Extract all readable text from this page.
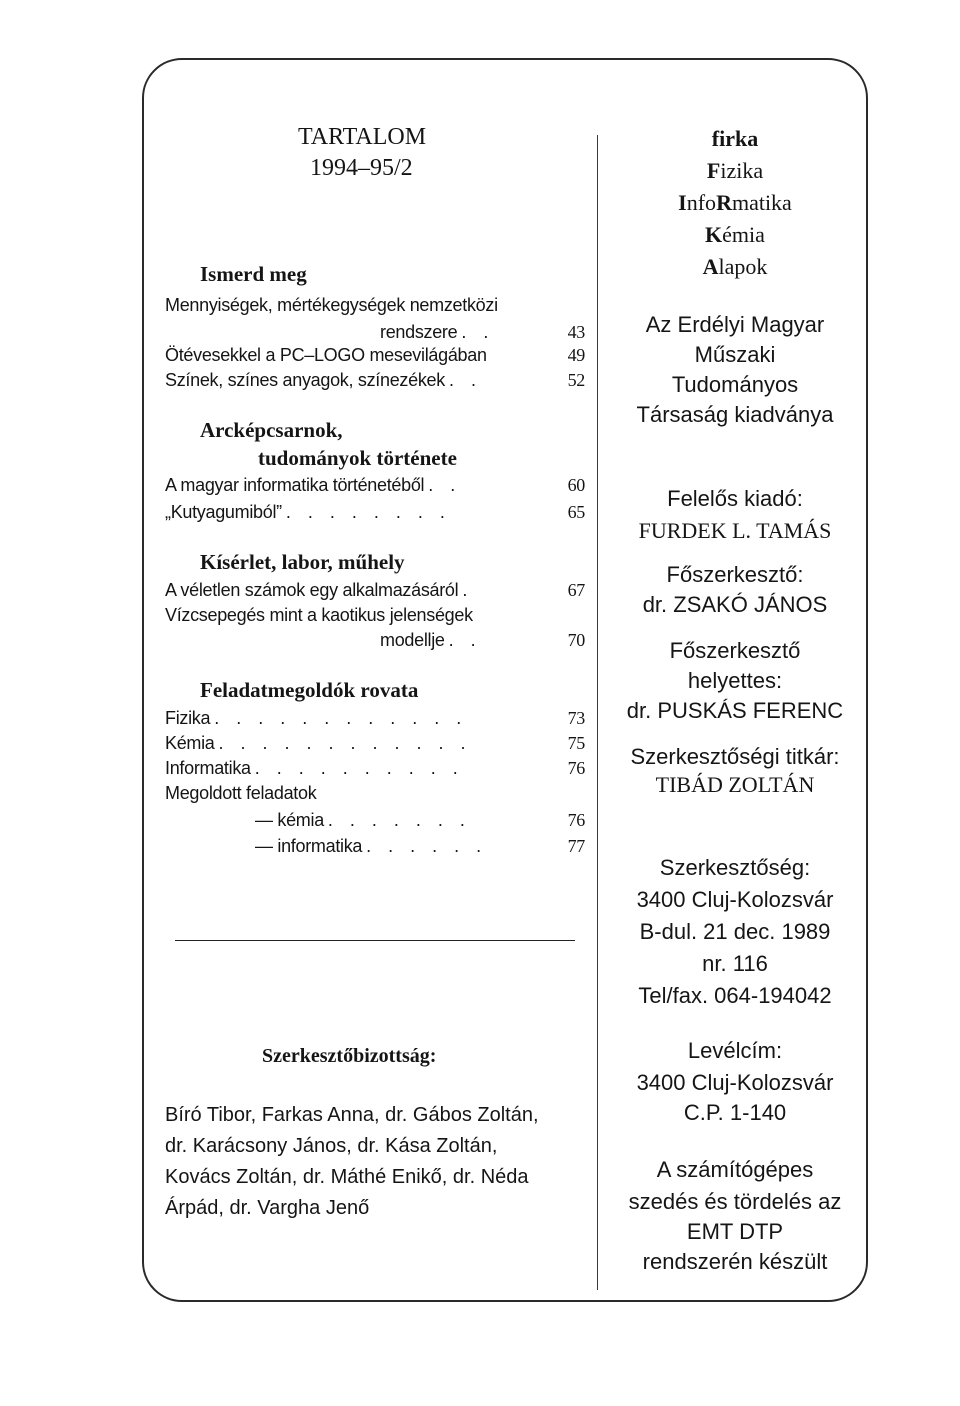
TARTALOM
1994–95/2
Ismerd meg
Mennyiségek, mértékegységek nemzetközi
rendszere . .	43
Ötévesekkel a PC–LOGO mesevilágában	49
Színek, színes anyagok, színezékek . .	52
Arcképcsarnok,
tudományok története
A magyar informatika történetéből . .	60
„Kutyagumiból” . . . . . . . .	65
Kísérlet, labor, műhely
A véletlen számok egy alkalmazásáról .	67
Vízcsepegés mint a kaotikus jelenségek
modellje . .	70
Feladatmegoldók rovata
Fizika . . . . . . . . . . . .	73
Kémia . . . . . . . . . . . .	75
Informatika . . . . . . . . . .	76
Megoldott feladatok
— kémia . . . . . . .	76
— informatika . . . . . .	77
Szerkesztőbizottság:
Bíró Tibor, Farkas Anna, dr. Gábos Zoltán,
dr. Karácsony János, dr. Kása Zoltán,
Kovács Zoltán, dr. Máthé Enikő, dr. Néda
Árpád, dr. Vargha Jenő
firka
Fizika
InfoRmatika
Kémia
Alapok
Az Erdélyi Magyar
Műszaki
Tudományos
Társaság kiadványa
Felelős kiadó:
FURDEK L. TAMÁS
Főszerkesztő:
dr. ZSAKÓ JÁNOS
Főszerkesztő
helyettes:
dr. PUSKÁS FERENC
Szerkesztőségi titkár:
TIBÁD ZOLTÁN
Szerkesztőség:
3400 Cluj-Kolozsvár
B-dul. 21 dec. 1989
nr. 116
Tel/fax. 064-194042
Levélcím:
3400 Cluj-Kolozsvár
C.P. 1-140
A számítógépes
szedés és tördelés az
EMT DTP
rendszerén készült
